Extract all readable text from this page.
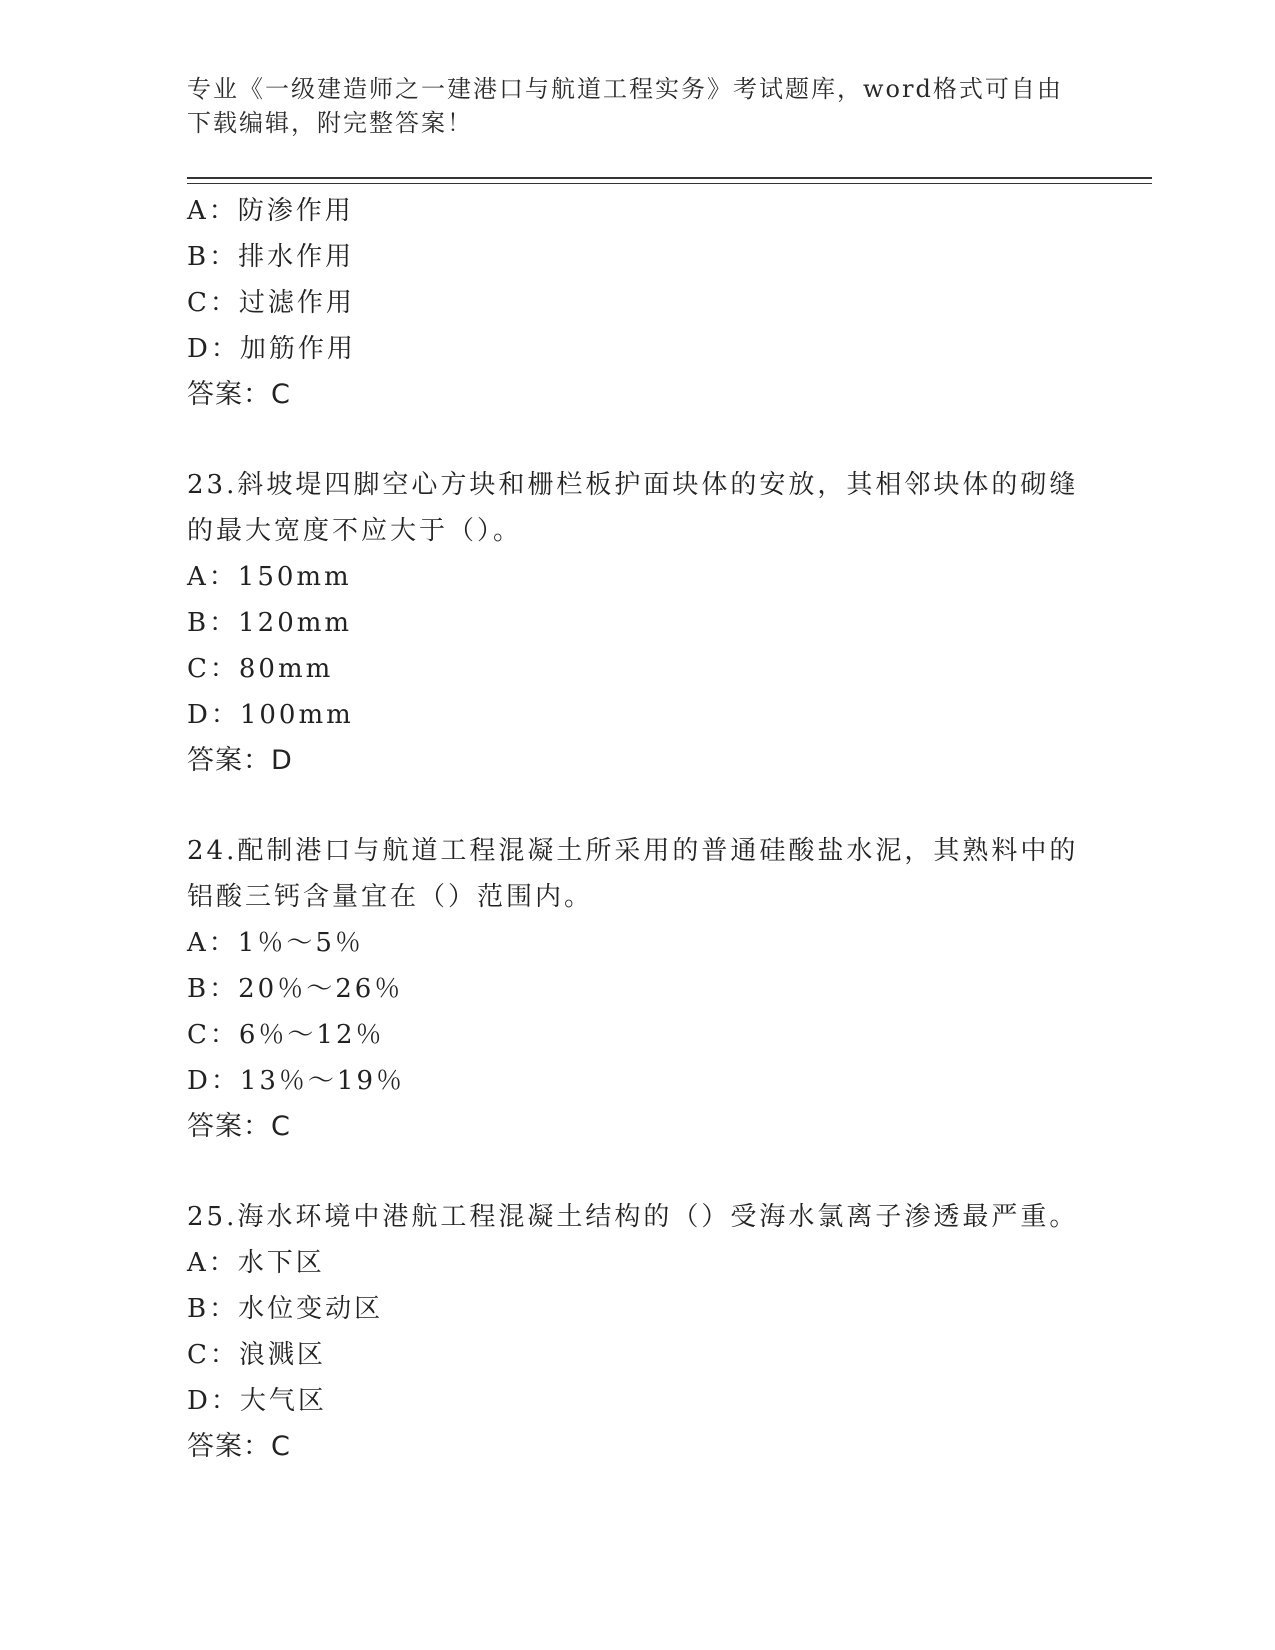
专业《一级建造师之一建港口与航道工程实务》考试题库，word格式可自由下载编辑，附完整答案！
A：防渗作用
B：排水作用
C：过滤作用
D：加筋作用
答案：C
23.斜坡堤四脚空心方块和栅栏板护面块体的安放，其相邻块体的砌缝的最大宽度不应大于（）。
A：150mm
B：120mm
C：80mm
D：100mm
答案：D
24.配制港口与航道工程混凝土所采用的普通硅酸盐水泥，其熟料中的铝酸三钙含量宜在（）范围内。
A：1％～5％
B：20％～26％
C：6％～12％
D：13％～19％
答案：C
25.海水环境中港航工程混凝土结构的（）受海水氯离子渗透最严重。
A：水下区
B：水位变动区
C：浪溅区
D：大气区
答案：C
